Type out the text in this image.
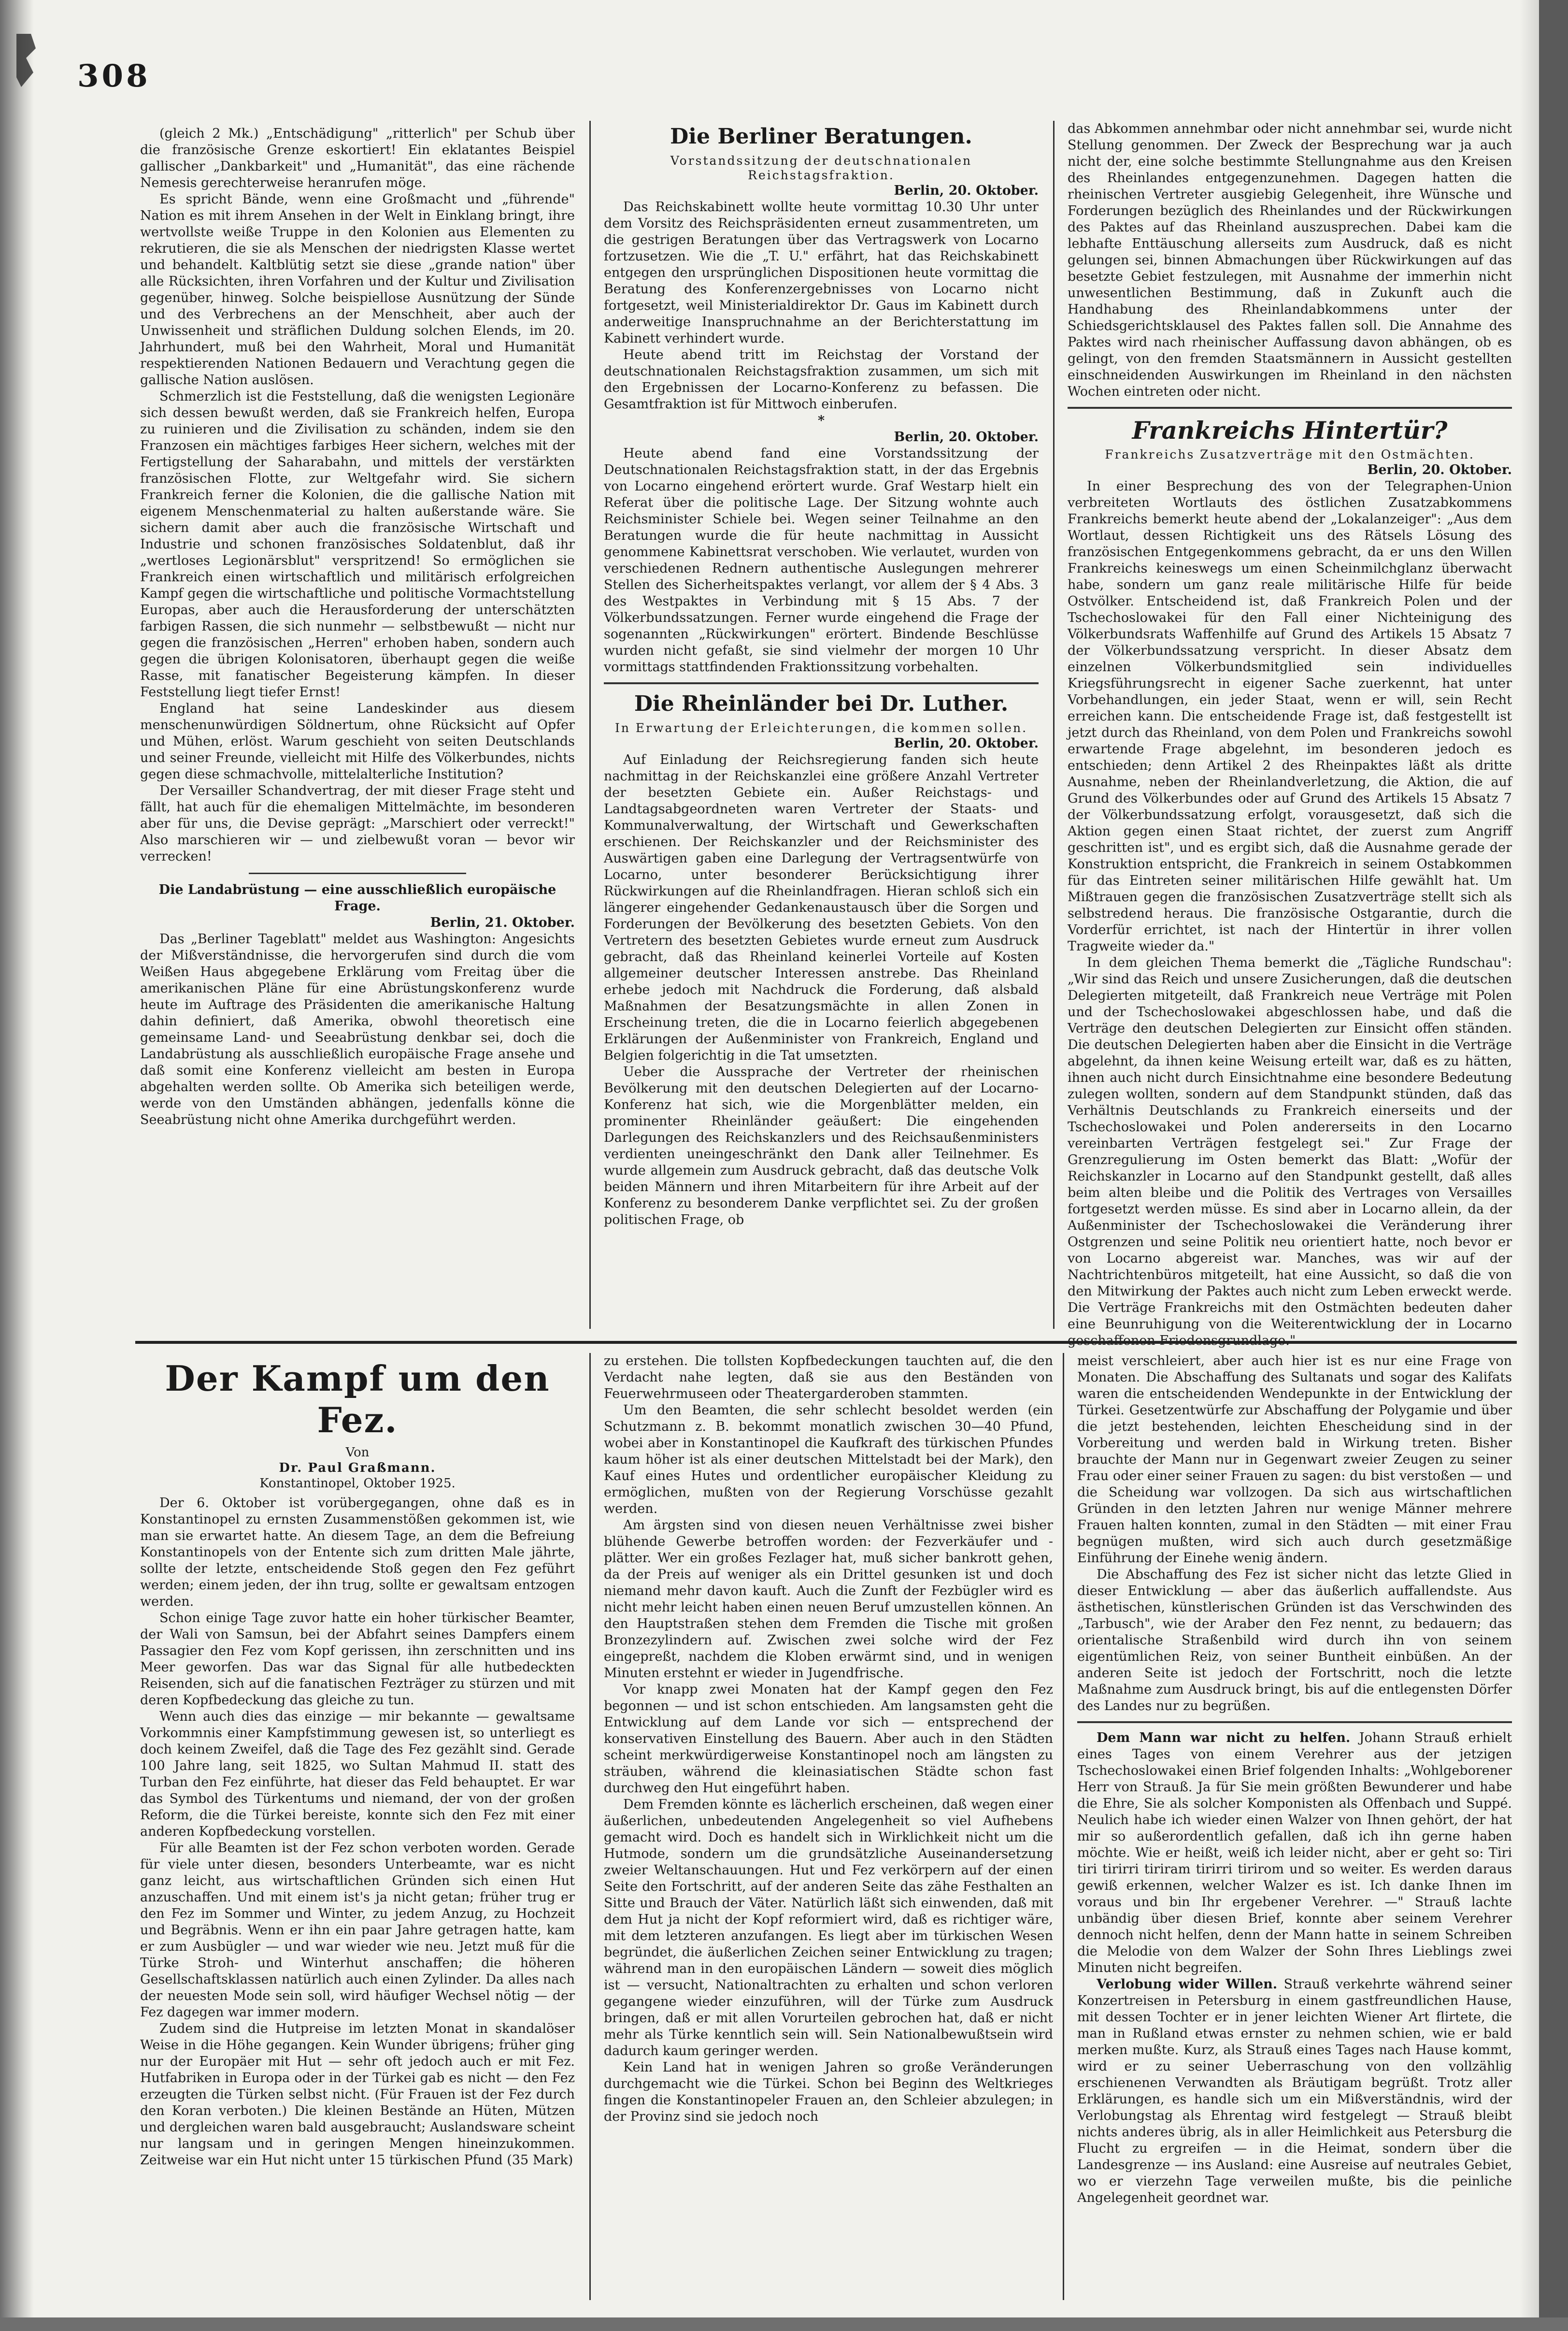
308

(gleich 2 Mk.) „Entschädigung" „ritterlich" per Schub über die französische Grenze eskortiert! Ein eklatantes Beispiel gallischer „Dankbarkeit" und „Humanität", das eine rächende Nemesis gerechterweise heranrufen möge.

Es spricht Bände, wenn eine Großmacht und „führende" Nation es mit ihrem Ansehen in der Welt in Einklang bringt, ihre wertvollste weiße Truppe in den Kolonien aus Elementen zu rekrutieren, die sie als Menschen der niedrigsten Klasse wertet und behandelt. Kaltblütig setzt sie diese „grande nation" über alle Rücksichten, ihren Vorfahren und der Kultur und Zivilisation gegenüber, hinweg. Solche beispiellose Ausnützung der Sünde und des Verbrechens an der Menschheit, aber auch der Unwissenheit und sträflichen Duldung solchen Elends, im 20. Jahrhundert, muß bei den Wahrheit, Moral und Humanität respektierenden Nationen Bedauern und Verachtung gegen die gallische Nation auslösen.

Schmerzlich ist die Feststellung, daß die wenigsten Legionäre sich dessen bewußt werden, daß sie Frankreich helfen, Europa zu ruinieren und die Zivilisation zu schänden, indem sie den Franzosen ein mächtiges farbiges Heer sichern, welches mit der Fertigstellung der Saharabahn, und mittels der verstärkten französischen Flotte, zur Weltgefahr wird. Sie sichern Frankreich ferner die Kolonien, die die gallische Nation mit eigenem Menschenmaterial zu halten außerstande wäre. Sie sichern damit aber auch die französische Wirtschaft und Industrie und schonen französisches Soldatenblut, daß ihr „wertloses Legionärsblut" verspritzend! So ermöglichen sie Frankreich einen wirtschaftlich und militärisch erfolgreichen Kampf gegen die wirtschaftliche und politische Vormachtstellung Europas, aber auch die Herausforderung der unterschätzten farbigen Rassen, die sich nunmehr — selbstbewußt — nicht nur gegen die französischen „Herren" erhoben haben, sondern auch gegen die übrigen Kolonisatoren, überhaupt gegen die weiße Rasse, mit fanatischer Begeisterung kämpfen. In dieser Feststellung liegt tiefer Ernst!

England hat seine Landeskinder aus diesem menschenunwürdigen Söldnertum, ohne Rücksicht auf Opfer und Mühen, erlöst. Warum geschieht von seiten Deutschlands und seiner Freunde, vielleicht mit Hilfe des Völkerbundes, nichts gegen diese schmachvolle, mittelalterliche Institution?

Der Versailler Schandvertrag, der mit dieser Frage steht und fällt, hat auch für die ehemaligen Mittelmächte, im besonderen aber für uns, die Devise geprägt: „Marschiert oder verreckt!" Also marschieren wir — und zielbewußt voran — bevor wir verrecken!

Die Landabrüstung — eine ausschließlich europäische Frage.

Berlin, 21. Oktober.

Das „Berliner Tageblatt" meldet aus Washington: Angesichts der Mißverständnisse, die hervorgerufen sind durch die vom Weißen Haus abgegebene Erklärung vom Freitag über die amerikanischen Pläne für eine Abrüstungskonferenz wurde heute im Auftrage des Präsidenten die amerikanische Haltung dahin definiert, daß Amerika, obwohl theoretisch eine gemeinsame Land- und Seeabrüstung denkbar sei, doch die Landabrüstung als ausschließlich europäische Frage ansehe und daß somit eine Konferenz vielleicht am besten in Europa abgehalten werden sollte. Ob Amerika sich beteiligen werde, werde von den Umständen abhängen, jedenfalls könne die Seeabrüstung nicht ohne Amerika durchgeführt werden.

Die Berliner Beratungen.

Vorstandssitzung der deutschnationalen Reichstagsfraktion.

Berlin, 20. Oktober.

Das Reichskabinett wollte heute vormittag 10.30 Uhr unter dem Vorsitz des Reichspräsidenten erneut zusammentreten, um die gestrigen Beratungen über das Vertragswerk von Locarno fortzusetzen. Wie die „T. U." erfährt, hat das Reichskabinett entgegen den ursprünglichen Dispositionen heute vormittag die Beratung des Konferenzergebnisses von Locarno nicht fortgesetzt, weil Ministerialdirektor Dr. Gaus im Kabinett durch anderweitige Inanspruchnahme an der Berichterstattung im Kabinett verhindert wurde.

Heute abend tritt im Reichstag der Vorstand der deutschnationalen Reichstagsfraktion zusammen, um sich mit den Ergebnissen der Locarno-Konferenz zu befassen. Die Gesamtfraktion ist für Mittwoch einberufen.

*

Berlin, 20. Oktober.

Heute abend fand eine Vorstandssitzung der Deutschnationalen Reichstagsfraktion statt, in der das Ergebnis von Locarno eingehend erörtert wurde. Graf Westarp hielt ein Referat über die politische Lage. Der Sitzung wohnte auch Reichsminister Schiele bei. Wegen seiner Teilnahme an den Beratungen wurde die für heute nachmittag in Aussicht genommene Kabinettsrat verschoben. Wie verlautet, wurden von verschiedenen Rednern authentische Auslegungen mehrerer Stellen des Sicherheitspaktes verlangt, vor allem der § 4 Abs. 3 des Westpaktes in Verbindung mit § 15 Abs. 7 der Völkerbundssatzungen. Ferner wurde eingehend die Frage der sogenannten „Rückwirkungen" erörtert. Bindende Beschlüsse wurden nicht gefaßt, sie sind vielmehr der morgen 10 Uhr vormittags stattfindenden Fraktionssitzung vorbehalten.

Die Rheinländer bei Dr. Luther.

In Erwartung der Erleichterungen, die kommen sollen.

Berlin, 20. Oktober.

Auf Einladung der Reichsregierung fanden sich heute nachmittag in der Reichskanzlei eine größere Anzahl Vertreter der besetzten Gebiete ein. Außer Reichstags- und Landtagsabgeordneten waren Vertreter der Staats- und Kommunalverwaltung, der Wirtschaft und Gewerkschaften erschienen. Der Reichskanzler und der Reichsminister des Auswärtigen gaben eine Darlegung der Vertragsentwürfe von Locarno, unter besonderer Berücksichtigung ihrer Rückwirkungen auf die Rheinlandfragen. Hieran schloß sich ein längerer eingehender Gedankenaustausch über die Sorgen und Forderungen der Bevölkerung des besetzten Gebiets. Von den Vertretern des besetzten Gebietes wurde erneut zum Ausdruck gebracht, daß das Rheinland keinerlei Vorteile auf Kosten allgemeiner deutscher Interessen anstrebe. Das Rheinland erhebe jedoch mit Nachdruck die Forderung, daß alsbald Maßnahmen der Besatzungsmächte in allen Zonen in Erscheinung treten, die die in Locarno feierlich abgegebenen Erklärungen der Außenminister von Frankreich, England und Belgien folgerichtig in die Tat umsetzten.

Ueber die Aussprache der Vertreter der rheinischen Bevölkerung mit den deutschen Delegierten auf der Locarno-Konferenz hat sich, wie die Morgenblätter melden, ein prominenter Rheinländer geäußert: Die eingehenden Darlegungen des Reichskanzlers und des Reichsaußenministers verdienten uneingeschränkt den Dank aller Teilnehmer. Es wurde allgemein zum Ausdruck gebracht, daß das deutsche Volk beiden Männern und ihren Mitarbeitern für ihre Arbeit auf der Konferenz zu besonderem Danke verpflichtet sei. Zu der großen politischen Frage, ob

das Abkommen annehmbar oder nicht annehmbar sei, wurde nicht Stellung genommen. Der Zweck der Besprechung war ja auch nicht der, eine solche bestimmte Stellungnahme aus den Kreisen des Rheinlandes entgegenzunehmen. Dagegen hatten die rheinischen Vertreter ausgiebig Gelegenheit, ihre Wünsche und Forderungen bezüglich des Rheinlandes und der Rückwirkungen des Paktes auf das Rheinland auszusprechen. Dabei kam die lebhafte Enttäuschung allerseits zum Ausdruck, daß es nicht gelungen sei, binnen Abmachungen über Rückwirkungen auf das besetzte Gebiet festzulegen, mit Ausnahme der immerhin nicht unwesentlichen Bestimmung, daß in Zukunft auch die Handhabung des Rheinlandabkommens unter der Schiedsgerichtsklausel des Paktes fallen soll. Die Annahme des Paktes wird nach rheinischer Auffassung davon abhängen, ob es gelingt, von den fremden Staatsmännern in Aussicht gestellten einschneidenden Auswirkungen im Rheinland in den nächsten Wochen eintreten oder nicht.

Frankreichs Hintertür?

Frankreichs Zusatzverträge mit den Ostmächten.

Berlin, 20. Oktober.

In einer Besprechung des von der Telegraphen-Union verbreiteten Wortlauts des östlichen Zusatzabkommens Frankreichs bemerkt heute abend der „Lokalanzeiger": „Aus dem Wortlaut, dessen Richtigkeit uns des Rätsels Lösung des französischen Entgegenkommens gebracht, da er uns den Willen Frankreichs keineswegs um einen Scheinmilchglanz überwacht habe, sondern um ganz reale militärische Hilfe für beide Ostvölker. Entscheidend ist, daß Frankreich Polen und der Tschechoslowakei für den Fall einer Nichteinigung des Völkerbundsrats Waffenhilfe auf Grund des Artikels 15 Absatz 7 der Völkerbundssatzung verspricht. In dieser Absatz dem einzelnen Völkerbundsmitglied sein individuelles Kriegsführungsrecht in eigener Sache zuerkennt, hat unter Vorbehandlungen, ein jeder Staat, wenn er will, sein Recht erreichen kann. Die entscheidende Frage ist, daß festgestellt ist jetzt durch das Rheinland, von dem Polen und Frankreichs sowohl erwartende Frage abgelehnt, im besonderen jedoch es entschieden; denn Artikel 2 des Rheinpaktes läßt als dritte Ausnahme, neben der Rheinlandverletzung, die Aktion, die auf Grund des Völkerbundes oder auf Grund des Artikels 15 Absatz 7 der Völkerbundssatzung erfolgt, vorausgesetzt, daß sich die Aktion gegen einen Staat richtet, der zuerst zum Angriff geschritten ist", und es ergibt sich, daß die Ausnahme gerade der Konstruktion entspricht, die Frankreich in seinem Ostabkommen für das Eintreten seiner militärischen Hilfe gewählt hat. Um Mißtrauen gegen die französischen Zusatzverträge stellt sich als selbstredend heraus. Die französische Ostgarantie, durch die Vorderfür errichtet, ist nach der Hintertür in ihrer vollen Tragweite wieder da."

In dem gleichen Thema bemerkt die „Tägliche Rundschau": „Wir sind das Reich und unsere Zusicherungen, daß die deutschen Delegierten mitgeteilt, daß Frankreich neue Verträge mit Polen und der Tschechoslowakei abgeschlossen habe, und daß die Verträge den deutschen Delegierten zur Einsicht offen ständen. Die deutschen Delegierten haben aber die Einsicht in die Verträge abgelehnt, da ihnen keine Weisung erteilt war, daß es zu hätten, ihnen auch nicht durch Einsichtnahme eine besondere Bedeutung zulegen wollten, sondern auf dem Standpunkt stünden, daß das Verhältnis Deutschlands zu Frankreich einerseits und der Tschechoslowakei und Polen andererseits in den Locarno vereinbarten Verträgen festgelegt sei." Zur Frage der Grenzregulierung im Osten bemerkt das Blatt: „Wofür der Reichskanzler in Locarno auf den Standpunkt gestellt, daß alles beim alten bleibe und die Politik des Vertrages von Versailles fortgesetzt werden müsse. Es sind aber in Locarno allein, da der Außenminister der Tschechoslowakei die Veränderung ihrer Ostgrenzen und seine Politik neu orientiert hatte, noch bevor er von Locarno abgereist war. Manches, was wir auf der Nachtrichtenbüros mitgeteilt, hat eine Aussicht, so daß die von den Mitwirkung der Paktes auch nicht zum Leben erweckt werde. Die Verträge Frankreichs mit den Ostmächten bedeuten daher eine Beunruhigung von die Weiterentwicklung der in Locarno

Der Kampf um den Fez.

Von

Dr. Paul Graßmann.

Konstantinopel, Oktober 1925.

Der 6. Oktober ist vorübergegangen, ohne daß es in Konstantinopel zu ernsten Zusammenstößen gekommen ist, wie man sie erwartet hatte. An diesem Tage, an dem die Befreiung Konstantinopels von der Entente sich zum dritten Male jährte, sollte der letzte, entscheidende Stoß gegen den Fez geführt werden; einem jeden, der ihn trug, sollte er gewaltsam entzogen werden.

Schon einige Tage zuvor hatte ein hoher türkischer Beamter, der Wali von Samsun, bei der Abfahrt seines Dampfers einem Passagier den Fez vom Kopf gerissen, ihn zerschnitten und ins Meer geworfen. Das war das Signal für alle hutbedeckten Reisenden, sich auf die fanatischen Fezträger zu stürzen und mit deren Kopfbedeckung das gleiche zu tun.

Wenn auch dies das einzige — mir bekannte — gewaltsame Vorkommnis einer Kampfstimmung gewesen ist, so unterliegt es doch keinem Zweifel, daß die Tage des Fez gezählt sind. Gerade 100 Jahre lang, seit 1825, wo Sultan Mahmud II. statt des Turban den Fez einführte, hat dieser das Feld behauptet. Er war das Symbol des Türkentums und niemand, der von der großen Reform, die die Türkei bereiste, konnte sich den Fez mit einer anderen Kopfbedeckung vorstellen.

Für alle Beamten ist der Fez schon verboten worden. Gerade für viele unter diesen, besonders Unterbeamte, war es nicht ganz leicht, aus wirtschaftlichen Gründen sich einen Hut anzuschaffen. Und mit einem ist's ja nicht getan; früher trug er den Fez im Sommer und Winter, zu jedem Anzug, zu Hochzeit und Begräbnis. Wenn er ihn ein paar Jahre getragen hatte, kam er zum Ausbügler — und war wieder wie neu. Jetzt muß für die Türke Stroh- und Winterhut anschaffen; die höheren Gesellschaftsklassen natürlich auch einen Zylinder. Da alles nach der neuesten Mode sein soll, wird häufiger Wechsel nötig — der Fez dagegen war immer modern.

Zudem sind die Hutpreise im letzten Monat in skandalöser Weise in die Höhe gegangen. Kein Wunder übrigens; früher ging nur der Europäer mit Hut — sehr oft jedoch auch er mit Fez. Hutfabriken in Europa oder in der Türkei gab es nicht — den Fez erzeugten die Türken selbst nicht. (Für Frauen ist der Fez durch den Koran verboten.) Die kleinen Bestände an Hüten, Mützen und dergleichen waren bald ausgebraucht; Auslandsware scheint nur langsam und in geringen Mengen hineinzukommen. Zeitweise war ein Hut nicht unter 15 türkischen Pfund (35 Mark)

zu erstehen. Die tollsten Kopfbedeckungen tauchten auf, die den Verdacht nahe legten, daß sie aus den Beständen von Feuerwehrmuseen oder Theatergarderoben stammten.

Um den Beamten, die sehr schlecht besoldet werden (ein Schutzmann z. B. bekommt monatlich zwischen 30—40 Pfund, wobei aber in Konstantinopel die Kaufkraft des türkischen Pfundes kaum höher ist als einer deutschen Mittelstadt bei der Mark), den Kauf eines Hutes und ordentlicher europäischer Kleidung zu ermöglichen, mußten von der Regierung Vorschüsse gezahlt werden.

Am ärgsten sind von diesen neuen Verhältnisse zwei bisher blühende Gewerbe betroffen worden: der Fezverkäufer und -plätter. Wer ein großes Fezlager hat, muß sicher bankrott gehen, da der Preis auf weniger als ein Drittel gesunken ist und doch niemand mehr davon kauft. Auch die Zunft der Fezbügler wird es nicht mehr leicht haben einen neuen Beruf umzustellen können. An den Hauptstraßen stehen dem Fremden die Tische mit großen Bronzezylindern auf. Zwischen zwei solche wird der Fez eingepreßt, nachdem die Kloben erwärmt sind, und in wenigen Minuten erstehnt er wieder in Jugendfrische.

Vor knapp zwei Monaten hat der Kampf gegen den Fez begonnen — und ist schon entschieden. Am langsamsten geht die Entwicklung auf dem Lande vor sich — entsprechend der konservativen Einstellung des Bauern. Aber auch in den Städten scheint merkwürdigerweise Konstantinopel noch am längsten zu sträuben, während die kleinasiatischen Städte schon fast durchweg den Hut eingeführt haben.

Dem Fremden könnte es lächerlich erscheinen, daß wegen einer äußerlichen, unbedeutenden Angelegenheit so viel Aufhebens gemacht wird. Doch es handelt sich in Wirklichkeit nicht um die Hutmode, sondern um die grundsätzliche Auseinandersetzung zweier Weltanschauungen. Hut und Fez verkörpern auf der einen Seite den Fortschritt, auf der anderen Seite das zähe Festhalten an Sitte und Brauch der Väter. Natürlich läßt sich einwenden, daß mit dem Hut ja nicht der Kopf reformiert wird, daß es richtiger wäre, mit dem letzteren anzufangen. Es liegt aber im türkischen Wesen begründet, die äußerlichen Zeichen seiner Entwicklung zu tragen; während man in den europäischen Ländern — soweit dies möglich ist — versucht, Nationaltrachten zu erhalten und schon verloren gegangene wieder einzuführen, will der Türke zum Ausdruck bringen, daß er mit allen Vorurteilen gebrochen hat, daß er nicht mehr als Türke kenntlich sein will. Sein Nationalbewußtsein wird dadurch kaum geringer werden.

Kein Land hat in wenigen Jahren so große Veränderungen durchgemacht wie die Türkei. Schon bei Beginn des Weltkrieges fingen die Konstantinopeler Frauen an, den Schleier abzulegen; in der Provinz sind sie jedoch noch

meist verschleiert, aber auch hier ist es nur eine Frage von Monaten. Die Abschaffung des Sultanats und sogar des Kalifats waren die entscheidenden Wendepunkte in der Entwicklung der Türkei. Gesetzentwürfe zur Abschaffung der Polygamie und über die jetzt bestehenden, leichten Ehescheidung sind in der Vorbereitung und werden bald in Wirkung treten. Bisher brauchte der Mann nur in Gegenwart zweier Zeugen zu seiner Frau oder einer seiner Frauen zu sagen: du bist verstoßen — und die Scheidung war vollzogen. Da sich aus wirtschaftlichen Gründen in den letzten Jahren nur wenige Männer mehrere Frauen halten konnten, zumal in den Städten — mit einer Frau begnügen mußten, wird sich auch durch gesetzmäßige Einführung der Einehe wenig ändern.

Die Abschaffung des Fez ist sicher nicht das letzte Glied in dieser Entwicklung — aber das äußerlich auffallendste. Aus ästhetischen, künstlerischen Gründen ist das Verschwinden des „Tarbusch", wie der Araber den Fez nennt, zu bedauern; das orientalische Straßenbild wird durch ihn von seinem eigentümlichen Reiz, von seiner Buntheit einbüßen. An der anderen Seite ist jedoch der Fortschritt, noch die letzte Maßnahme zum Ausdruck bringt, bis auf die entlegensten Dörfer des Landes nur zu begrüßen.

Dem Mann war nicht zu helfen. Johann Strauß erhielt eines Tages von einem Verehrer aus der jetzigen Tschechoslowakei einen Brief folgenden Inhalts: „Wohlgeborener Herr von Strauß. Ja für Sie mein größten Bewunderer und habe die Ehre, Sie als solcher Komponisten als Offenbach und Suppé. Neulich habe ich wieder einen Walzer von Ihnen gehört, der hat mir so außerordentlich gefallen, daß ich ihn gerne haben möchte. Wie er heißt, weiß ich leider nicht, aber er geht so: Tiri tiri tirirri tiriram tirirri tirirom und so weiter. Es werden daraus gewiß erkennen, welcher Walzer es ist. Ich danke Ihnen im voraus und bin Ihr ergebener Verehrer. —" Strauß lachte unbändig über diesen Brief, konnte aber seinem Verehrer dennoch nicht helfen, denn der Mann hatte in seinem Schreiben die Melodie von dem Walzer der Sohn Ihres Lieblings zwei Minuten nicht begreifen.

Verlobung wider Willen. Strauß verkehrte während seiner Konzertreisen in Petersburg in einem gastfreundlichen Hause, mit dessen Tochter er in jener leichten Wiener Art flirtete, die man in Rußland etwas ernster zu nehmen schien, wie er bald merken mußte. Kurz, als Strauß eines Tages nach Hause kommt, wird er zu seiner Ueberraschung von den vollzählig erschienenen Verwandten als Bräutigam begrüßt. Trotz aller Erklärungen, es handle sich um ein Mißverständnis, wird der Verlobungstag als Ehrentag wird festgelegt — Strauß bleibt nichts anderes übrig, als in aller Heimlichkeit aus Petersburg die Flucht zu ergreifen — in die Heimat, sondern über die Landesgrenze — ins Ausland: eine Ausreise auf neutrales Gebiet, wo er vierzehn Tage verweilen mußte, bis die peinliche Angelegenheit geordnet war.
